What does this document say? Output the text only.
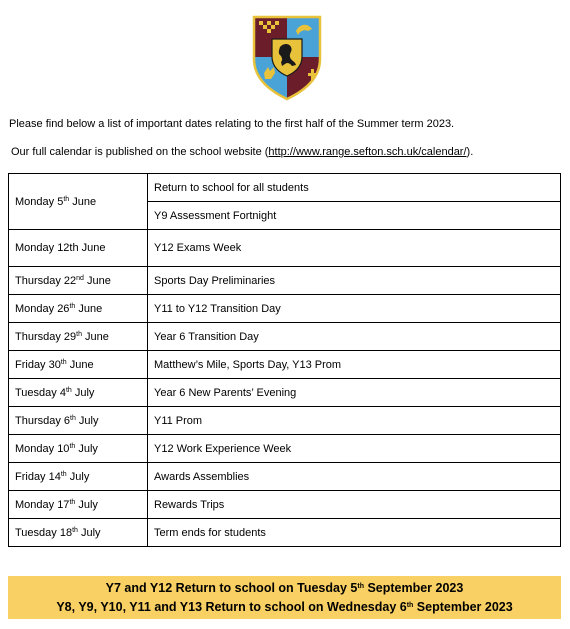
Please find below a list of important dates relating to the first half of the Summer term 2023.
Our full calendar is published on the school website (http://www.range.sefton.sch.uk/calendar/).
Monday 5th June	Return to school for all students
	Y9 Assessment Fortnight
Monday 12th June	Y12 Exams Week
Thursday 22nd June	Sports Day Preliminaries
Monday 26th June	Y11 to Y12 Transition Day
Thursday 29th June	Year 6 Transition Day
Friday 30th June	Matthew’s Mile, Sports Day, Y13 Prom
Tuesday 4th July	Year 6 New Parents’ Evening
Thursday 6th July	Y11 Prom
Monday 10th July	Y12 Work Experience Week
Friday 14th July	Awards Assemblies
Monday 17th July	Rewards Trips
Tuesday 18th July	Term ends for students
Y7 and Y12 Return to school on Tuesday 5th September 2023
Y8, Y9, Y10, Y11 and Y13 Return to school on Wednesday 6th September 2023
